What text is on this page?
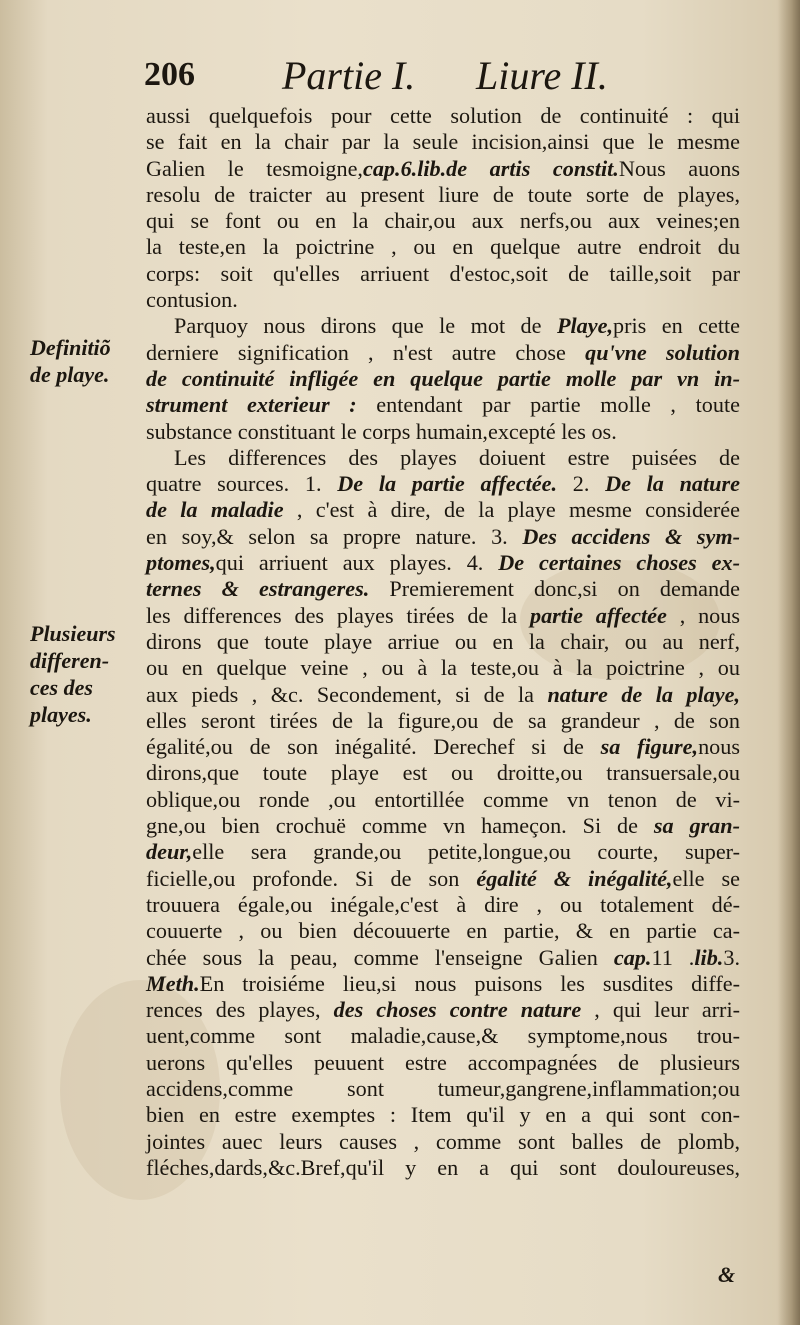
206 Partie I. Liure II.
Definitiõ
de playe.
Plusieurs
differen-
ces des
playes.
aussi quelquefois pour cette solution de continuité : qui
se fait en la chair par la seule incision,ainsi que le mesme
Galien le tesmoigne,cap.6.lib.de artis constit.Nous auons
resolu de traicter au present liure de toute sorte de playes,
qui se font ou en la chair,ou aux nerfs,ou aux veines;en
la teste,en la poictrine , ou en quelque autre endroit du
corps: soit qu'elles arriuent d'estoc,soit de taille,soit par
contusion.
Parquoy nous dirons que le mot de Playe,pris en cette
derniere signification , n'est autre chose qu'vne solution
de continuité infligée en quelque partie molle par vn in-
strument exterieur : entendant par partie molle , toute
substance constituant le corps humain,excepté les os.
Les differences des playes doiuent estre puisées de
quatre sources. 1. De la partie affectée. 2. De la nature
de la maladie , c'est à dire, de la playe mesme considerée
en soy,& selon sa propre nature. 3. Des accidens & sym-
ptomes,qui arriuent aux playes. 4. De certaines choses ex-
ternes & estrangeres. Premierement donc,si on demande
les differences des playes tirées de la partie affectée , nous
dirons que toute playe arriue ou en la chair, ou au nerf,
ou en quelque veine , ou à la teste,ou à la poictrine , ou
aux pieds , &c. Secondement, si de la nature de la playe,
elles seront tirées de la figure,ou de sa grandeur , de son
égalité,ou de son inégalité. Derechef si de sa figure,nous
dirons,que toute playe est ou droitte,ou transuersale,ou
oblique,ou ronde ,ou entortillée comme vn tenon de vi-
gne,ou bien crochuë comme vn hameçon. Si de sa gran-
deur,elle sera grande,ou petite,longue,ou courte, super-
ficielle,ou profonde. Si de son égalité & inégalité,elle se
trouuera égale,ou inégale,c'est à dire , ou totalement dé-
couuerte , ou bien découuerte en partie, & en partie ca-
chée sous la peau, comme l'enseigne Galien cap.11 .lib.3.
Meth.En troisiéme lieu,si nous puisons les susdites diffe-
rences des playes, des choses contre nature , qui leur arri-
uent,comme sont maladie,cause,& symptome,nous trou-
uerons qu'elles peuuent estre accompagnées de plusieurs
accidens,comme sont tumeur,gangrene,inflammation;ou
bien en estre exemptes : Item qu'il y en a qui sont con-
jointes auec leurs causes , comme sont balles de plomb,
fléches,dards,&c.Bref,qu'il y en a qui sont douloureuses,
&
